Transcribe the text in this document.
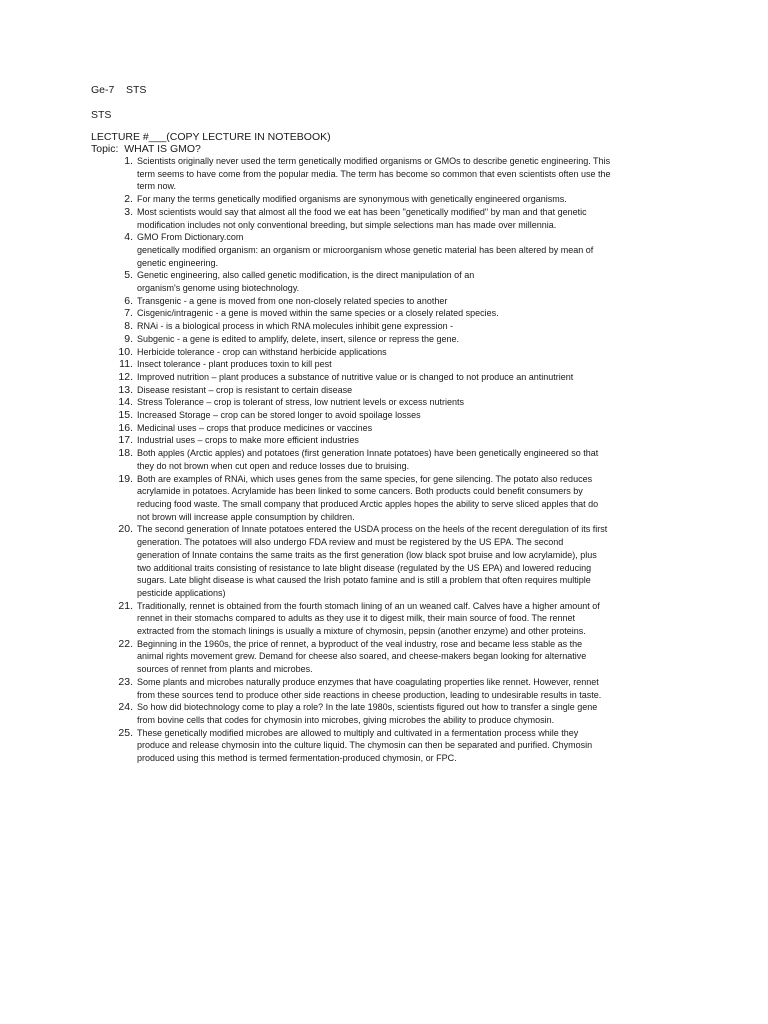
Ge-7    STS
STS
LECTURE #___(COPY LECTURE IN NOTEBOOK)
Topic:  WHAT IS GMO?
1. Scientists originally never used the term genetically modified organisms or GMOs to describe genetic engineering. This
term seems to have come from the popular media. The term has become so common that even scientists often use the
term now.
2. For many the terms genetically modified organisms are synonymous with genetically engineered organisms.
3. Most scientists would say that almost all the food we eat has been "genetically modified" by man and that genetic
modification includes not only conventional breeding, but simple selections man has made over millennia.
4. GMO From Dictionary.com
genetically modified organism: an organism or microorganism whose genetic material has been altered by mean of
genetic engineering.
5. Genetic engineering, also called genetic modification, is the direct manipulation of an
organism's genome using biotechnology.
6. Transgenic - a gene is moved from one non-closely related species to another
7. Cisgenic/intragenic - a gene is moved within the same species or a closely related species.
8. RNAi - is a biological process in which RNA molecules inhibit gene expression -
9. Subgenic - a gene is edited to amplify, delete, insert, silence or repress the gene.
10. Herbicide tolerance - crop can withstand herbicide applications
11. Insect tolerance - plant produces toxin to kill pest
12. Improved nutrition – plant produces a substance of nutritive value or is changed to not produce an antinutrient
13. Disease resistant – crop is resistant to certain disease
14. Stress Tolerance – crop is tolerant of stress, low nutrient levels or excess nutrients
15. Increased Storage – crop can be stored longer to avoid spoilage losses
16. Medicinal uses – crops that produce medicines or vaccines
17. Industrial uses – crops to make more efficient industries
18. Both apples (Arctic apples) and potatoes (first generation Innate potatoes) have been genetically engineered so that
they do not brown when cut open and reduce losses due to bruising.
19. Both are examples of RNAi, which uses genes from the same species, for gene silencing. The potato also reduces
acrylamide in potatoes. Acrylamide has been linked to some cancers. Both products could benefit consumers by
reducing food waste. The small company that produced Arctic apples hopes the ability to serve sliced apples that do
not brown will increase apple consumption by children.
20. The second generation of Innate potatoes entered the USDA process on the heels of the recent deregulation of its first
generation. The potatoes will also undergo FDA review and must be registered by the US EPA. The second
generation of Innate contains the same traits as the first generation (low black spot bruise and low acrylamide), plus
two additional traits consisting of resistance to late blight disease (regulated by the US EPA) and lowered reducing
sugars. Late blight disease is what caused the Irish potato famine and is still a problem that often requires multiple
pesticide applications)
21. Traditionally, rennet is obtained from the fourth stomach lining of an un weaned calf. Calves have a higher amount of
rennet in their stomachs compared to adults as they use it to digest milk, their main source of food. The rennet
extracted from the stomach linings is usually a mixture of chymosin, pepsin (another enzyme) and other proteins.
22. Beginning in the 1960s, the price of rennet, a byproduct of the veal industry, rose and became less stable as the
animal rights movement grew. Demand for cheese also soared, and cheese-makers began looking for alternative
sources of rennet from plants and microbes.
23. Some plants and microbes naturally produce enzymes that have coagulating properties like rennet. However, rennet
from these sources tend to produce other side reactions in cheese production, leading to undesirable results in taste.
24. So how did biotechnology come to play a role? In the late 1980s, scientists figured out how to transfer a single gene
from bovine cells that codes for chymosin into microbes, giving microbes the ability to produce chymosin.
25. These genetically modified microbes are allowed to multiply and cultivated in a fermentation process while they
produce and release chymosin into the culture liquid. The chymosin can then be separated and purified. Chymosin
produced using this method is termed fermentation-produced chymosin, or FPC.
